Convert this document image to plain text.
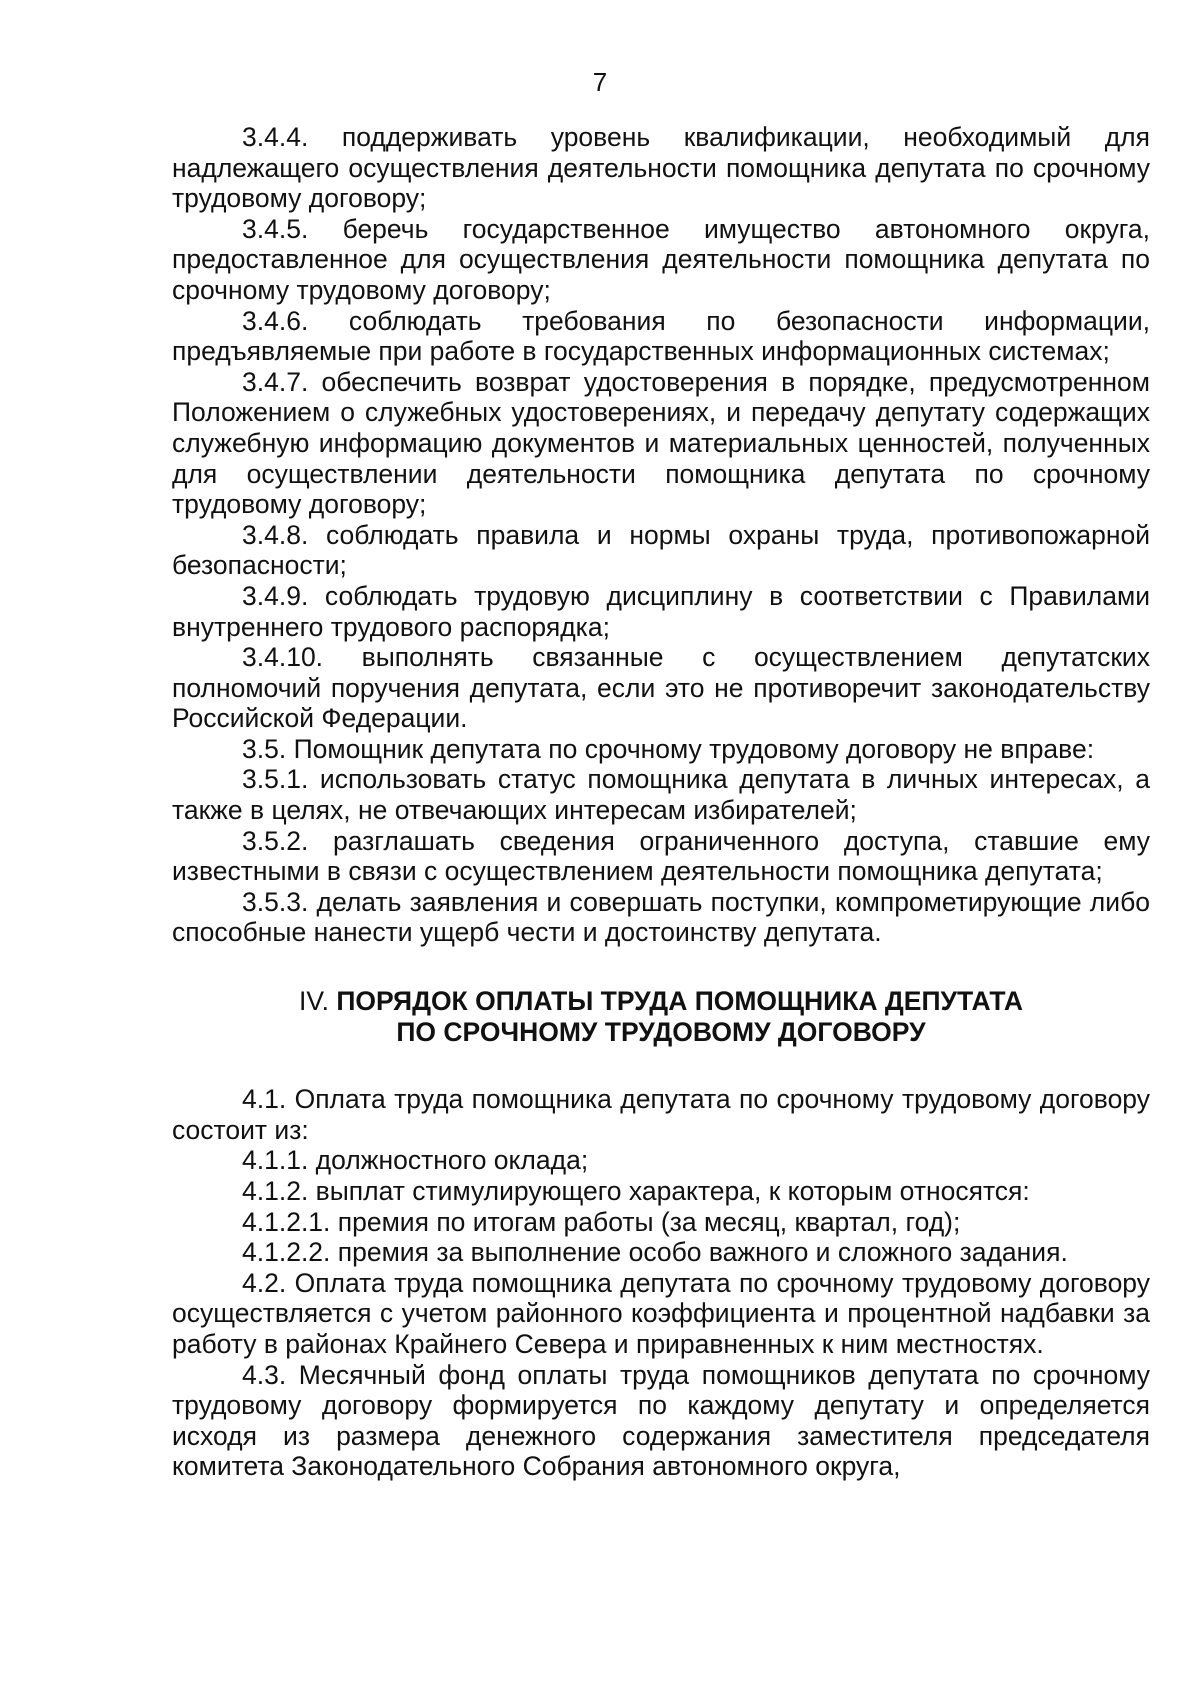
7

3.4.4. поддерживать уровень квалификации, необходимый для надлежащего осуществления деятельности помощника депутата по срочному трудовому договору;

3.4.5. беречь государственное имущество автономного округа, предоставленное для осуществления деятельности помощника депутата по срочному трудовому договору;

3.4.6. соблюдать требования по безопасности информации, предъявляемые при работе в государственных информационных системах;

3.4.7. обеспечить возврат удостоверения в порядке, предусмотренном Положением о служебных удостоверениях, и передачу депутату содержащих служебную информацию документов и материальных ценностей, полученных для осуществлении деятельности помощника депутата по срочному трудовому договору;

3.4.8. соблюдать правила и нормы охраны труда, противопожарной безопасности;

3.4.9. соблюдать трудовую дисциплину в соответствии с Правилами внутреннего трудового распорядка;

3.4.10. выполнять связанные с осуществлением депутатских полномочий поручения депутата, если это не противоречит законодательству Российской Федерации.

3.5. Помощник депутата по срочному трудовому договору не вправе:

3.5.1. использовать статус помощника депутата в личных интересах, а также в целях, не отвечающих интересам избирателей;

3.5.2. разглашать сведения ограниченного доступа, ставшие ему известными в связи с осуществлением деятельности помощника депутата;

3.5.3. делать заявления и совершать поступки, компрометирующие либо способные нанести ущерб чести и достоинству депутата.

IV. ПОРЯДОК ОПЛАТЫ ТРУДА ПОМОЩНИКА ДЕПУТАТА
ПО СРОЧНОМУ ТРУДОВОМУ ДОГОВОРУ

4.1. Оплата труда помощника депутата по срочному трудовому договору состоит из:

4.1.1. должностного оклада;

4.1.2. выплат стимулирующего характера, к которым относятся:

4.1.2.1. премия по итогам работы (за месяц, квартал, год);

4.1.2.2. премия за выполнение особо важного и сложного задания.

4.2. Оплата труда помощника депутата по срочному трудовому договору осуществляется с учетом районного коэффициента и процентной надбавки за работу в районах Крайнего Севера и приравненных к ним местностях.

4.3. Месячный фонд оплаты труда помощников депутата по срочному трудовому договору формируется по каждому депутату и определяется исходя из размера денежного содержания заместителя председателя комитета Законодательного Собрания автономного округа,
